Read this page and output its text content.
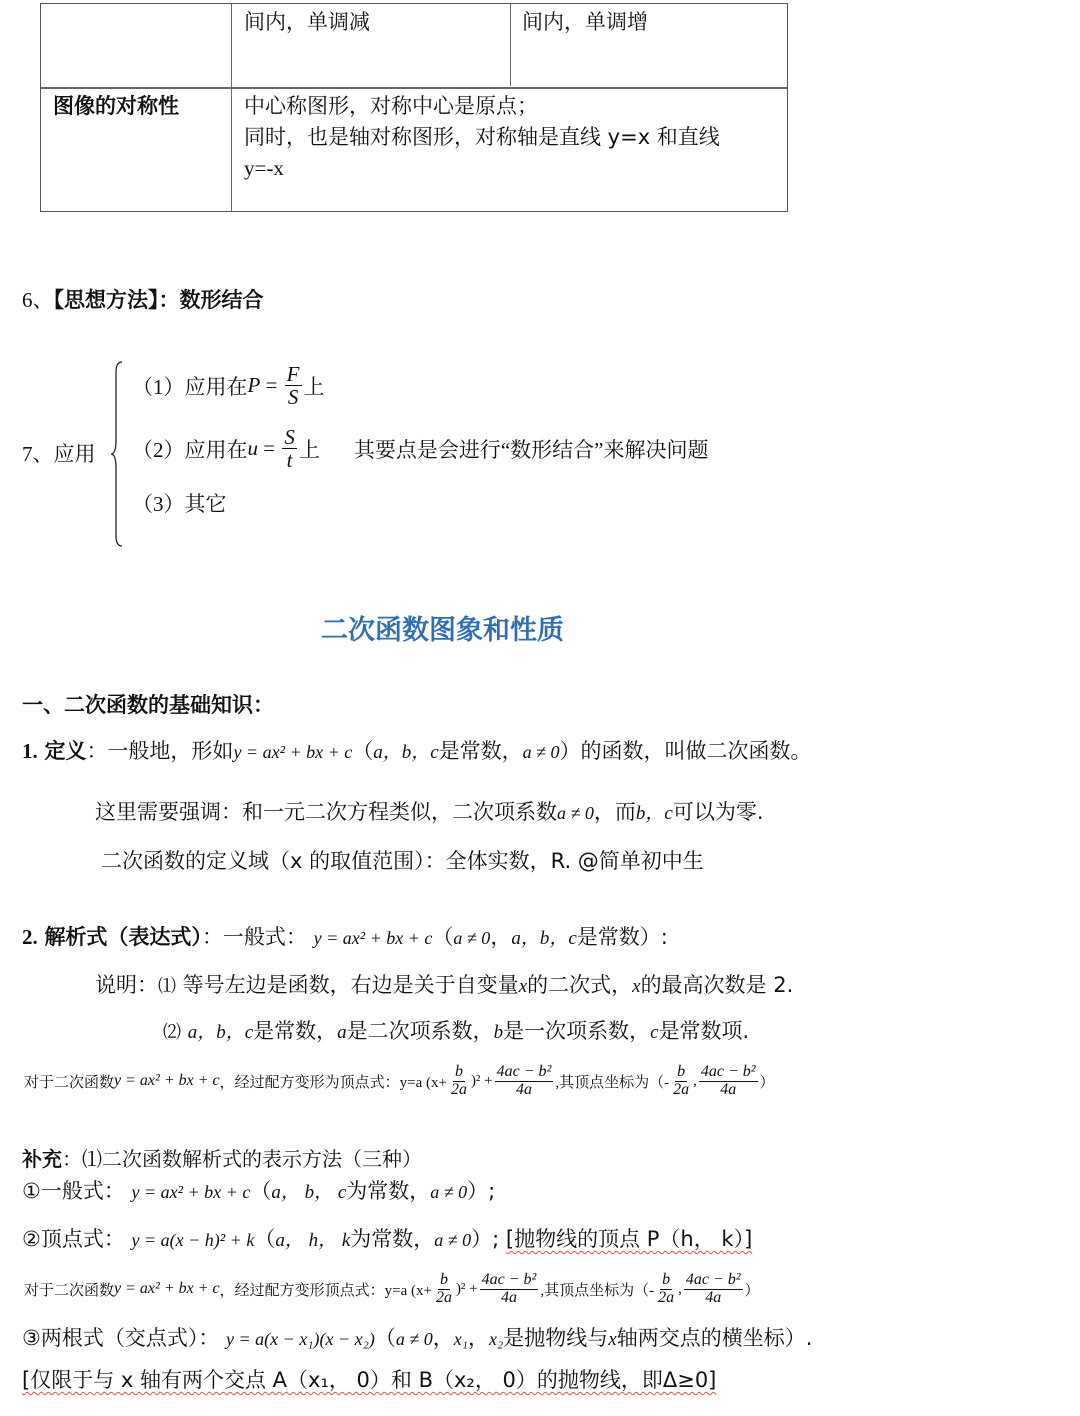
间内，单调减	间内，单调增
图像的对称性	中心称图形，对称中心是原点；
同时，也是轴对称图形，对称轴是直线 y=x 和直线
y=-x
6、【思想方法】：数形结合
7、应用
（1）应用在 $P = \frac{F}{S}$ 上
（2）应用在 $u = \frac{S}{t}$ 上 其要点是会进行“数形结合”来解决问题
（3）其它
二次函数图象和性质
一、二次函数的基础知识：
1. 定义：一般地，形如y = ax² + bx + c（a，b，c是常数，a ≠ 0）的函数，叫做二次函数。
这里需要强调：和一元二次方程类似，二次项系数a ≠ 0，而b，c可以为零.
二次函数的定义域（x 的取值范围）：全体实数，R. @简单初中生
2. 解析式（表达式）：一般式： y = ax² + bx + c（a ≠ 0，a，b，c是常数）:
说明：⑴ 等号左边是函数，右边是关于自变量x的二次式，x的最高次数是 2.
⑵ a，b，c是常数，a是二次项系数，b是一次项系数，c是常数项.
对于二次函数 y = ax² + bx + c ，经过配方变形为顶点式：y=a $(x+ \frac{b}{2a} )^2 + \frac{\text{4ac − b²}}{4a}$ ,其顶点坐标为（- $\frac{b}{2a}$ , $\frac{\text{4ac − b²}}{4a}$ ）
补充：⑴二次函数解析式的表示方法（三种）
①一般式： y = ax² + bx + c（a， b， c为常数，a ≠ 0）;
②顶点式： y = a(x − h)² + k（a， h， k为常数，a ≠ 0）; [抛物线的顶点 P（h， k）]
对于二次函数 y = ax² + bx + c ，经过配方变形顶点式：y=a $(x+ \frac{b}{2a} )^2 + \frac{\text{4ac − b²}}{4a}$ ,其顶点坐标为（- $\frac{b}{2a}$ , $\frac{\text{4ac − b²}}{4a}$ ）
③两根式（交点式）： y = a(x − x₁)(x − x₂)（a ≠ 0，x₁，x₂是抛物线与x轴两交点的横坐标）.
[仅限于与 x 轴有两个交点 A（x₁， 0）和 B（x₂， 0）的抛物线，即Δ≥0]
